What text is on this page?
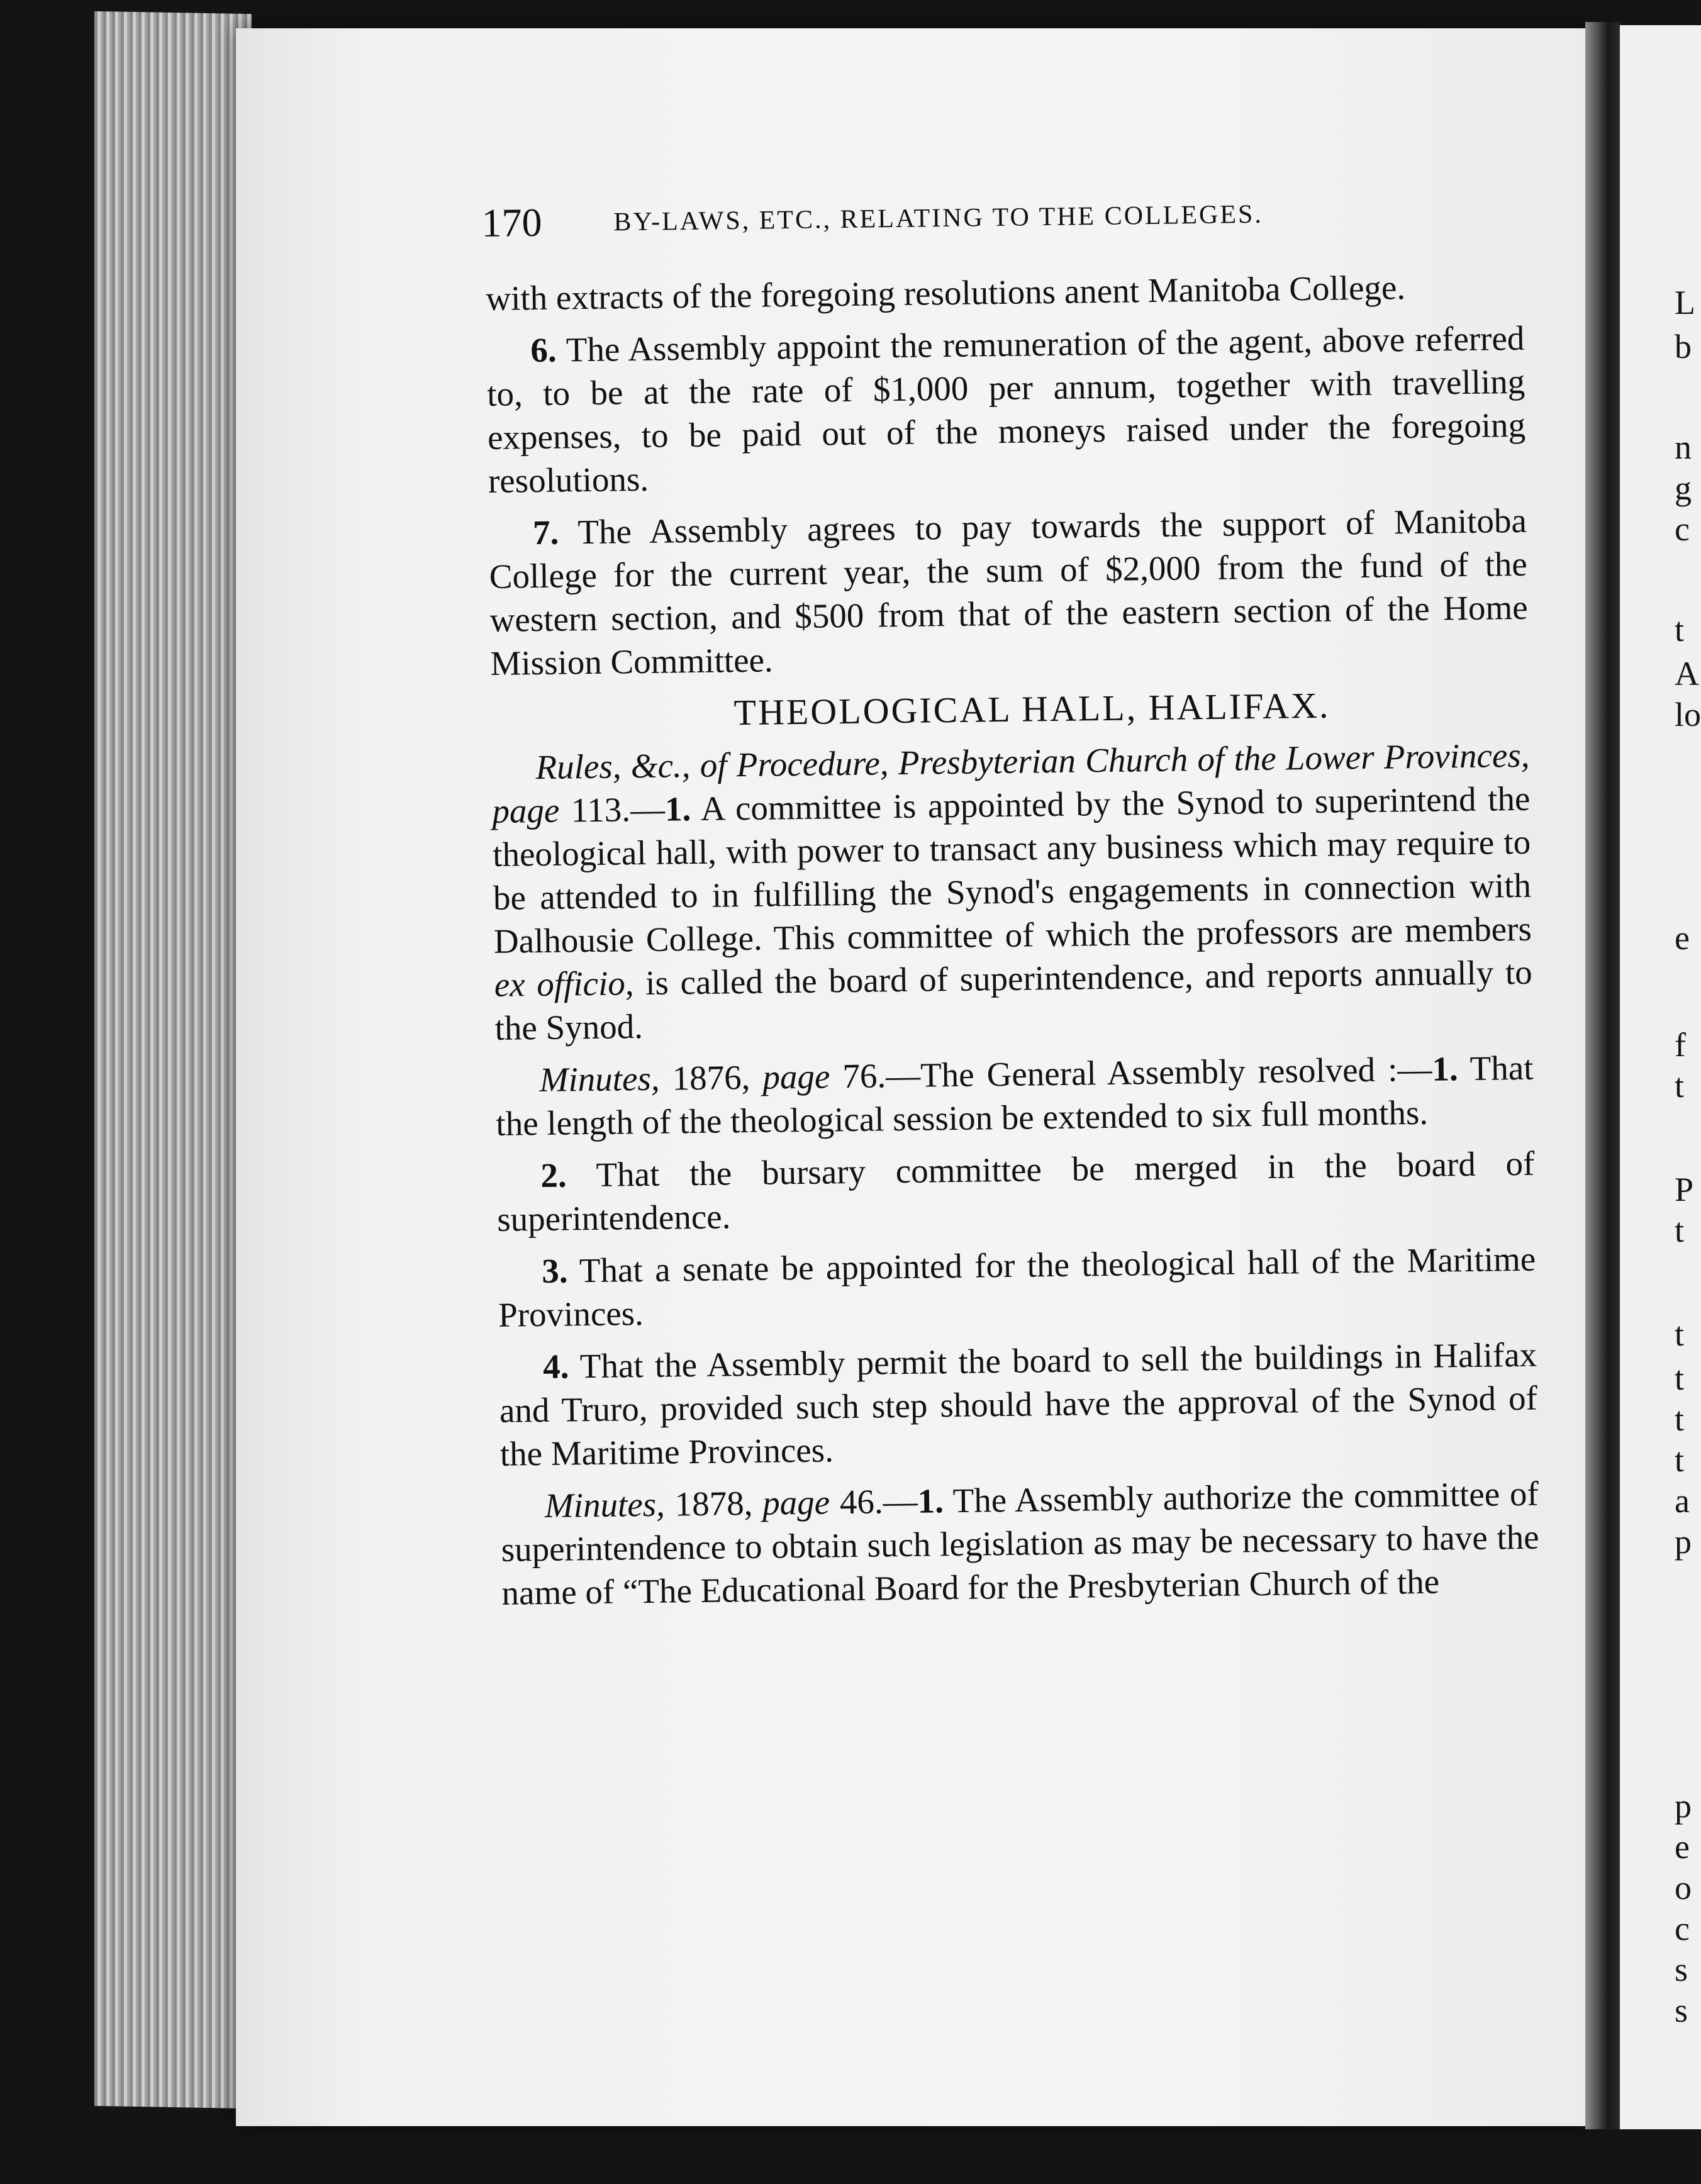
170	BY-LAWS, ETC., RELATING TO THE COLLEGES.

with extracts of the foregoing resolutions anent Manitoba College.

6. The Assembly appoint the remuneration of the agent, above referred to, to be at the rate of $1,000 per annum, together with travelling expenses, to be paid out of the moneys raised under the foregoing resolutions.

7. The Assembly agrees to pay towards the support of Manitoba College for the current year, the sum of $2,000 from the fund of the western section, and $500 from that of the eastern section of the Home Mission Committee.

THEOLOGICAL HALL, HALIFAX.

Rules, &c., of Procedure, Presbyterian Church of the Lower Provinces, page 113.—1. A committee is appointed by the Synod to superintend the theological hall, with power to transact any business which may require to be attended to in fulfilling the Synod's engagements in connection with Dalhousie College. This committee of which the professors are members ex officio, is called the board of superintendence, and reports annually to the Synod.

Minutes, 1876, page 76.—The General Assembly resolved :—1. That the length of the theological session be extended to six full months.

2. That the bursary committee be merged in the board of superintendence.

3. That a senate be appointed for the theological hall of the Maritime Provinces.

4. That the Assembly permit the board to sell the buildings in Halifax and Truro, provided such step should have the approval of the Synod of the Maritime Provinces.

Minutes, 1878, page 46.—1. The Assembly authorize the committee of superintendence to obtain such legislation as may be necessary to have the name of “The Educational Board for the Presbyterian Church of the

L
b
n
g
c
t
A
lo
e
f
t
P
t
t
t
t
t
a
p
p
e
o
c
s
s
